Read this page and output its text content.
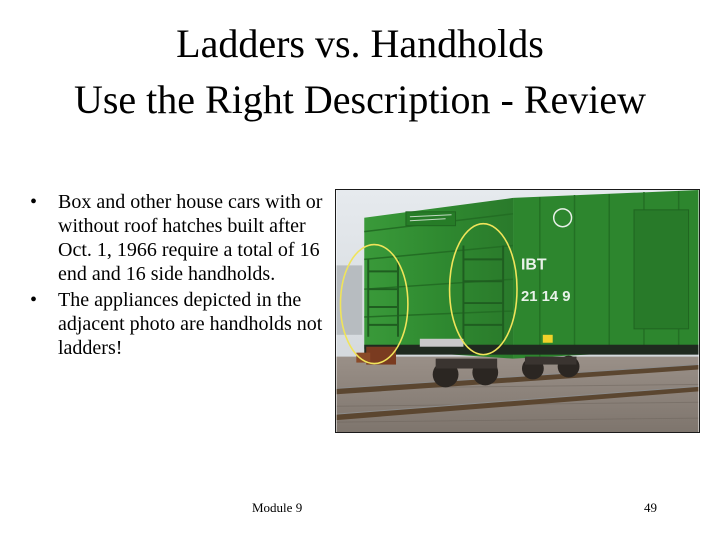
Ladders vs. Handholds
Use the Right Description - Review
• Box and other house cars with or without roof hatches built after Oct. 1, 1966 require a total of 16 end and 16 side handholds.
• The appliances depicted in the adjacent photo are handholds not ladders!
IBT
21 14 9
Module 9	49
